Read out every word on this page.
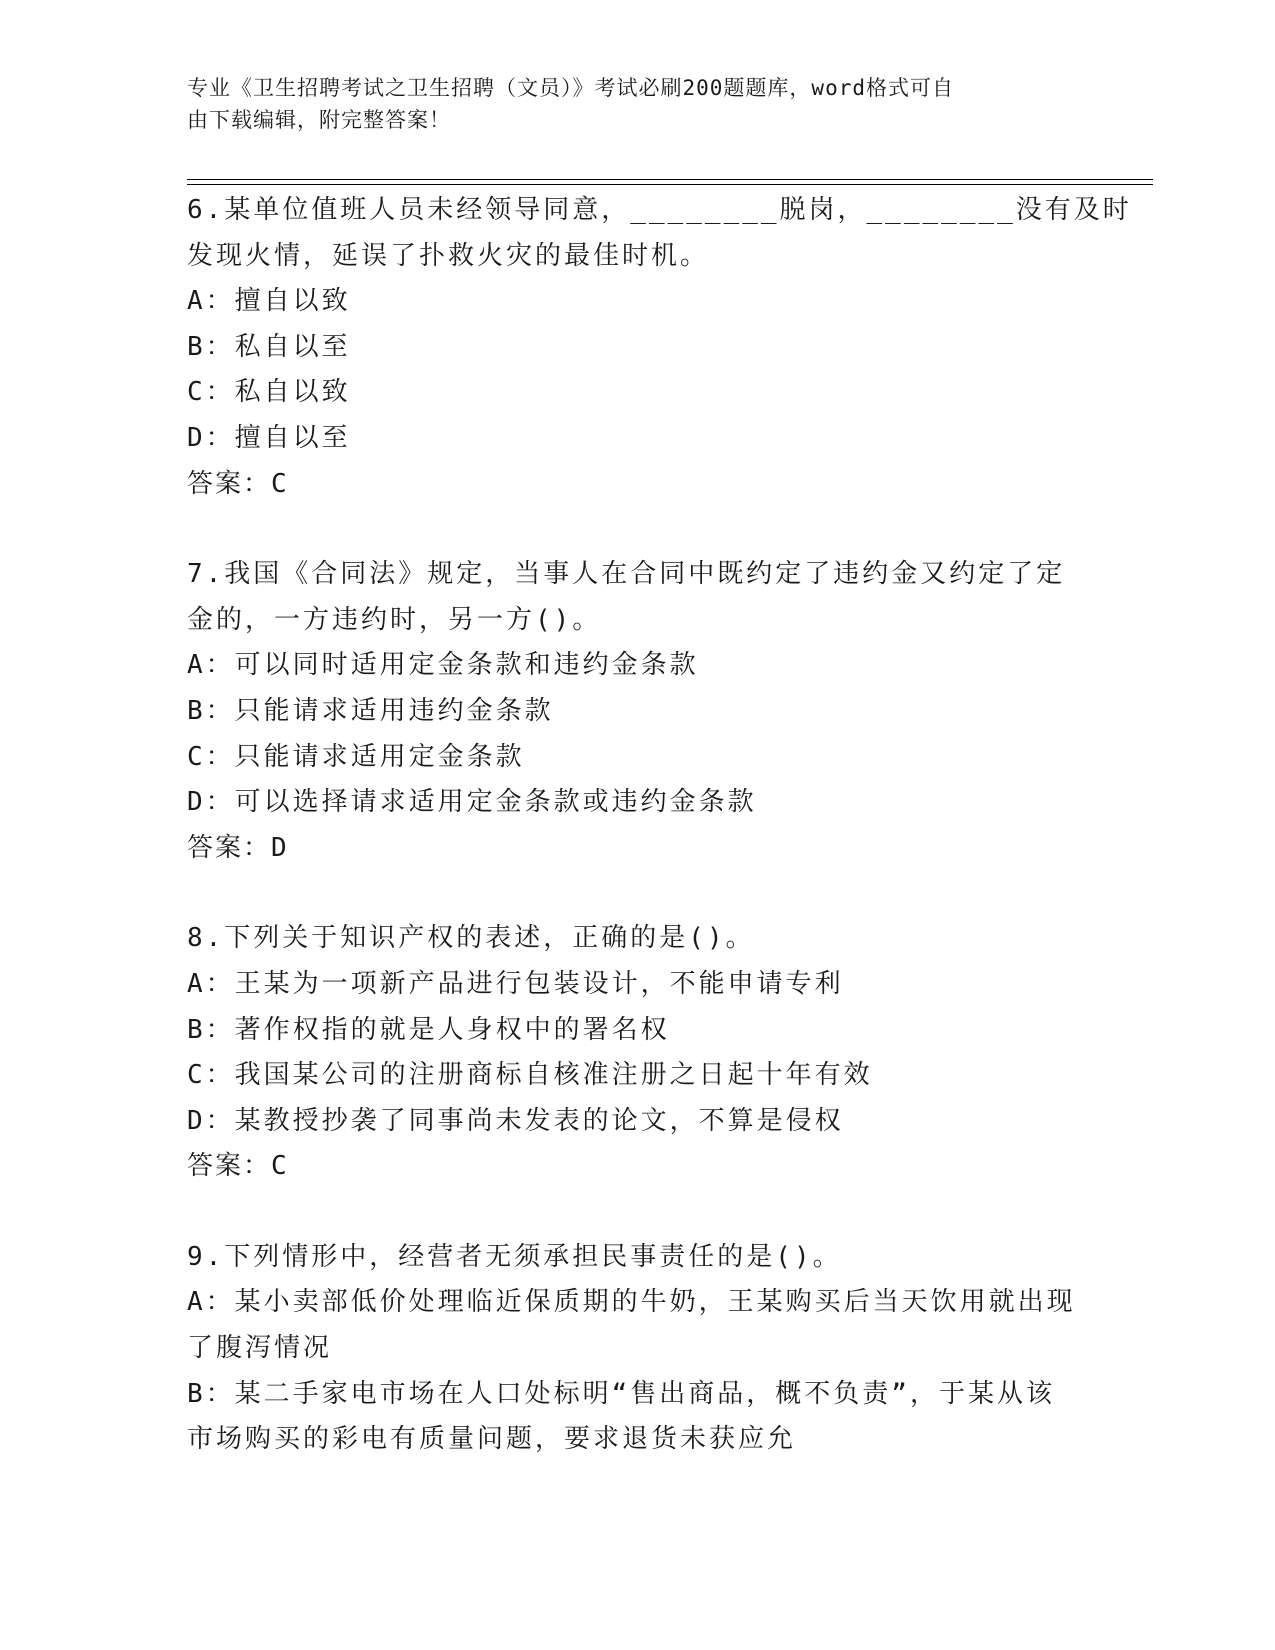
专业《卫生招聘考试之卫生招聘（文员）》考试必刷200题题库，word格式可自
由下载编辑，附完整答案！
6.某单位值班人员未经领导同意，________脱岗，________没有及时
发现火情，延误了扑救火灾的最佳时机。
A：擅自以致
B：私自以至
C：私自以致
D：擅自以至
答案：C
7.我国《合同法》规定，当事人在合同中既约定了违约金又约定了定
金的，一方违约时，另一方()。
A：可以同时适用定金条款和违约金条款
B：只能请求适用违约金条款
C：只能请求适用定金条款
D：可以选择请求适用定金条款或违约金条款
答案：D
8.下列关于知识产权的表述，正确的是()。
A：王某为一项新产品进行包装设计，不能申请专利
B：著作权指的就是人身权中的署名权
C：我国某公司的注册商标自核准注册之日起十年有效
D：某教授抄袭了同事尚未发表的论文，不算是侵权
答案：C
9.下列情形中，经营者无须承担民事责任的是()。
A：某小卖部低价处理临近保质期的牛奶，王某购买后当天饮用就出现
了腹泻情况
B：某二手家电市场在人口处标明“售出商品，概不负责”，于某从该
市场购买的彩电有质量问题，要求退货未获应允
